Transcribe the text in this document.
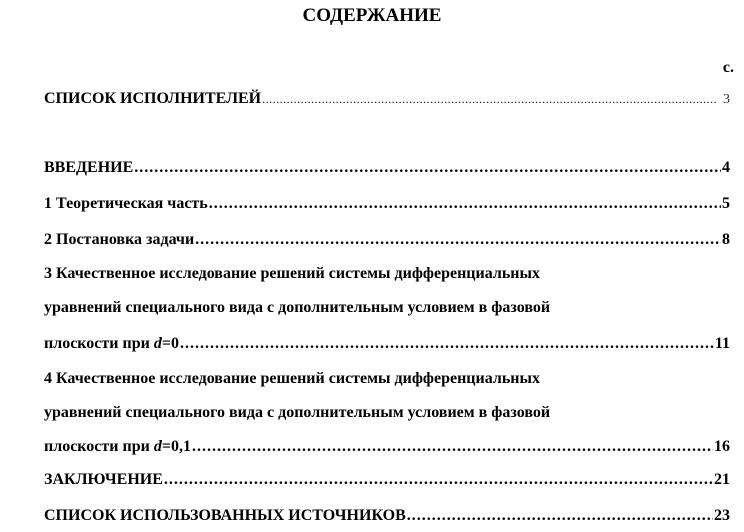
СОДЕРЖАНИЕ
с.
СПИСОК ИСПОЛНИТЕЛЕЙ .....	3
ВВЕДЕНИЕ .....	4
1 Теоретическая часть .....	5
2 Постановка задачи .....	8
3 Качественное исследование решений системы дифференциальных
уравнений специального вида с дополнительным условием в фазовой
плоскости при d=0 .....	11
4 Качественное исследование решений системы дифференциальных
уравнений специального вида с дополнительным условием в фазовой
плоскости при d=0,1 .....	16
ЗАКЛЮЧЕНИЕ .....	21
СПИСОК ИСПОЛЬЗОВАННЫХ ИСТОЧНИКОВ .....	23
